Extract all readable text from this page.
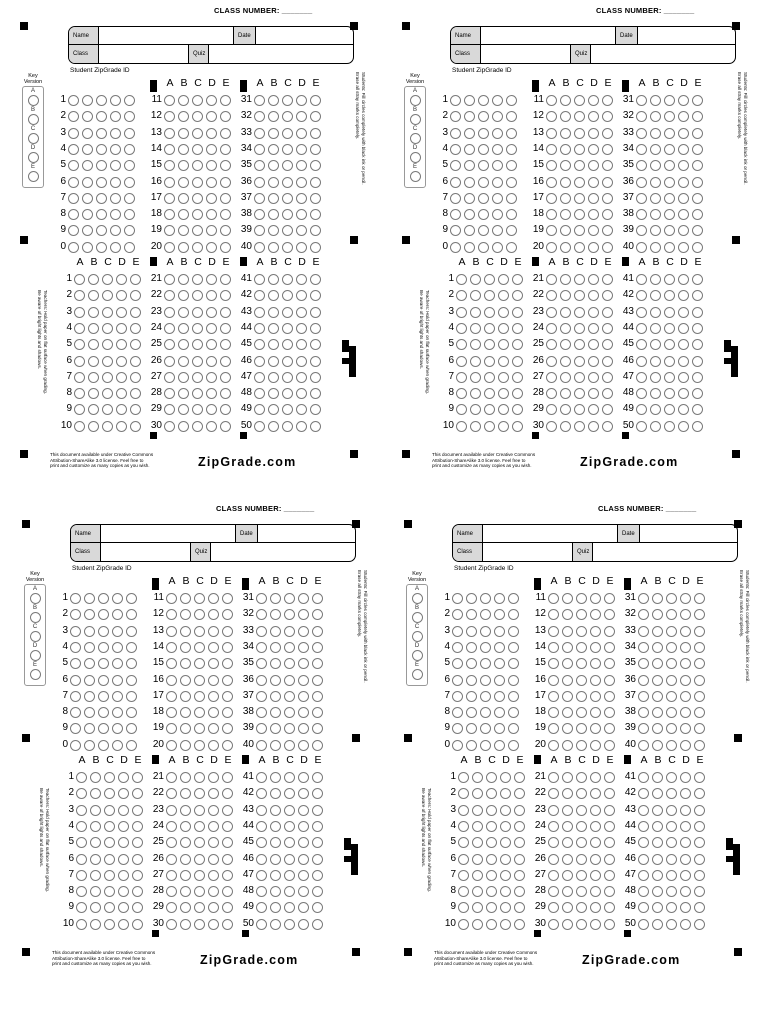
CLASS NUMBER: _______
Name	Date
Class	Quiz
Student ZipGrade ID
Key Version
A
B
C
D
E
A B C D E	A B C D E
1
2
3
4
5
6
7
8
9
0
11
12
13
14
15
16
17
18
19
20
31
32
33
34
35
36
37
38
39
40
A B C D E	A B C D E	A B C D E
1
2
3
4
5
6
7
8
9
10
21
22
23
24
25
26
27
28
29
30
41
42
43
44
45
46
47
48
49
50
Students: Fill circles completely with black ink or pencil.
Erase all stray marks completely.
Teachers: Hold paper on flat surface when grading.
Be aware of bright lights and shadows.
This document available under Creative Commons
Attribution-ShareAlike 3.0 license. Feel free to
print and customize as many copies as you wish.	ZipGrade.com
CLASS NUMBER: _______
Name	Date
Class	Quiz
Student ZipGrade ID
Key Version
A
B
C
D
E
A B C D E	A B C D E
1
2
3
4
5
6
7
8
9
0
11
12
13
14
15
16
17
18
19
20
31
32
33
34
35
36
37
38
39
40
A B C D E	A B C D E	A B C D E
1
2
3
4
5
6
7
8
9
10
21
22
23
24
25
26
27
28
29
30
41
42
43
44
45
46
47
48
49
50
Students: Fill circles completely with black ink or pencil.
Erase all stray marks completely.
Teachers: Hold paper on flat surface when grading.
Be aware of bright lights and shadows.
This document available under Creative Commons
Attribution-ShareAlike 3.0 license. Feel free to
print and customize as many copies as you wish.	ZipGrade.com
CLASS NUMBER: _______
Name	Date
Class	Quiz
Student ZipGrade ID
Key Version
A
B
C
D
E
A B C D E	A B C D E
1
2
3
4
5
6
7
8
9
0
11
12
13
14
15
16
17
18
19
20
31
32
33
34
35
36
37
38
39
40
A B C D E	A B C D E	A B C D E
1
2
3
4
5
6
7
8
9
10
21
22
23
24
25
26
27
28
29
30
41
42
43
44
45
46
47
48
49
50
Students: Fill circles completely with black ink or pencil.
Erase all stray marks completely.
Teachers: Hold paper on flat surface when grading.
Be aware of bright lights and shadows.
This document available under Creative Commons
Attribution-ShareAlike 3.0 license. Feel free to
print and customize as many copies as you wish.	ZipGrade.com
CLASS NUMBER: _______
Name	Date
Class	Quiz
Student ZipGrade ID
Key Version
A
B
C
D
E
A B C D E	A B C D E
1
2
3
4
5
6
7
8
9
0
11
12
13
14
15
16
17
18
19
20
31
32
33
34
35
36
37
38
39
40
A B C D E	A B C D E	A B C D E
1
2
3
4
5
6
7
8
9
10
21
22
23
24
25
26
27
28
29
30
41
42
43
44
45
46
47
48
49
50
Students: Fill circles completely with black ink or pencil.
Erase all stray marks completely.
Teachers: Hold paper on flat surface when grading.
Be aware of bright lights and shadows.
This document available under Creative Commons
Attribution-ShareAlike 3.0 license. Feel free to
print and customize as many copies as you wish.	ZipGrade.com
